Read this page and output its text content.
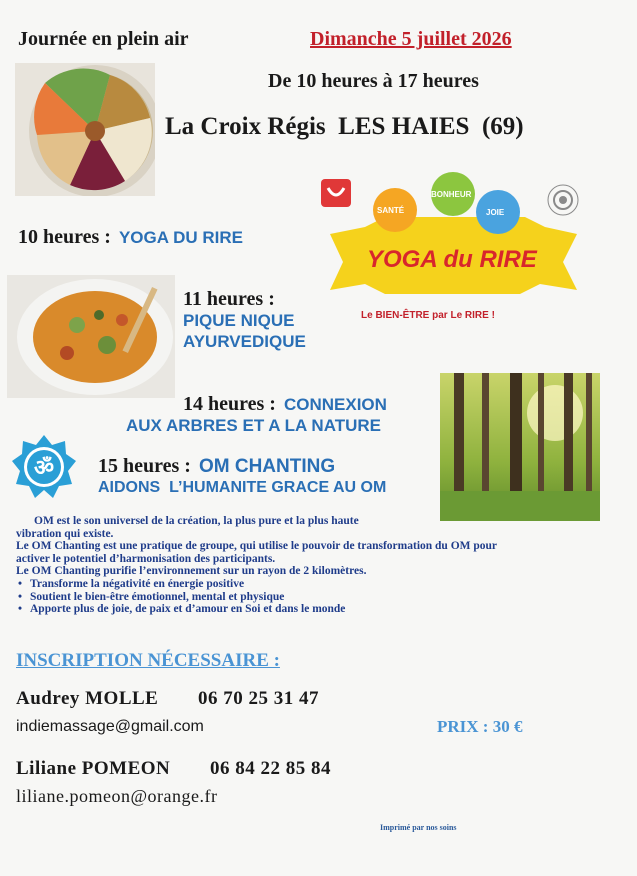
Journée en plein air	Dimanche 5 juillet 2026
De 10 heures à 17 heures
La Croix Régis  LES HAIES  (69)
SANTÉ
BONHEUR
JOIE
YOGA du RIRE
Le BIEN-ÊTRE par Le RIRE !
10 heures : YOGA DU RIRE
11 heures :
PIQUE NIQUE
AYURVEDIQUE
14 heures : CONNEXION
AUX ARBRES ET A LA NATURE
ॐ 15 heures : OM CHANTING
AIDONS  L’HUMANITE GRACE AU OM
OM est le son universel de la création, la plus pure et la plus haute
vibration qui existe.
Le OM Chanting est une pratique de groupe, qui utilise le pouvoir de transformation du OM pour
activer le potentiel d’harmonisation des participants.
Le OM Chanting purifie l’environnement sur un rayon de 2 kilomètres.
• Transforme la négativité en énergie positive
• Soutient le bien-être émotionnel, mental et physique
• Apporte plus de joie, de paix et d’amour en Soi et dans le monde
INSCRIPTION NÉCESSAIRE :
Audrey MOLLE 06 70 25 31 47
indiemassage@gmail.com	PRIX : 30 €
Liliane POMEON 06 84 22 85 84
liliane.pomeon@orange.fr
Imprimé par nos soins
